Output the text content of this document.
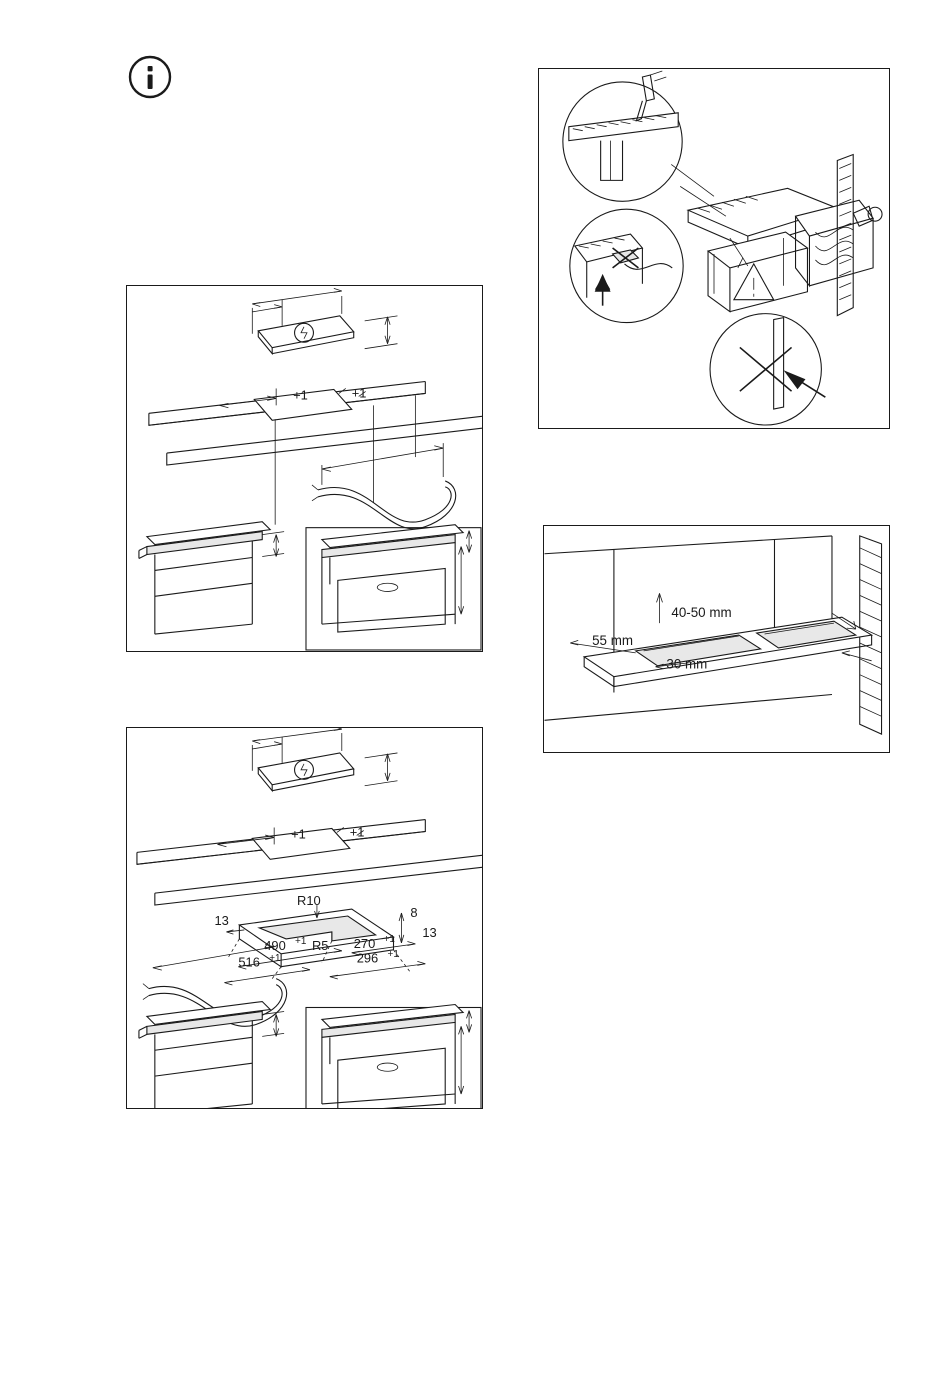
+1	+1
+1	+1
R10
R5
13
8
13
490 +1	270 +1
516 +1	296 +1
55 mm
40-50 mm
30 mm
